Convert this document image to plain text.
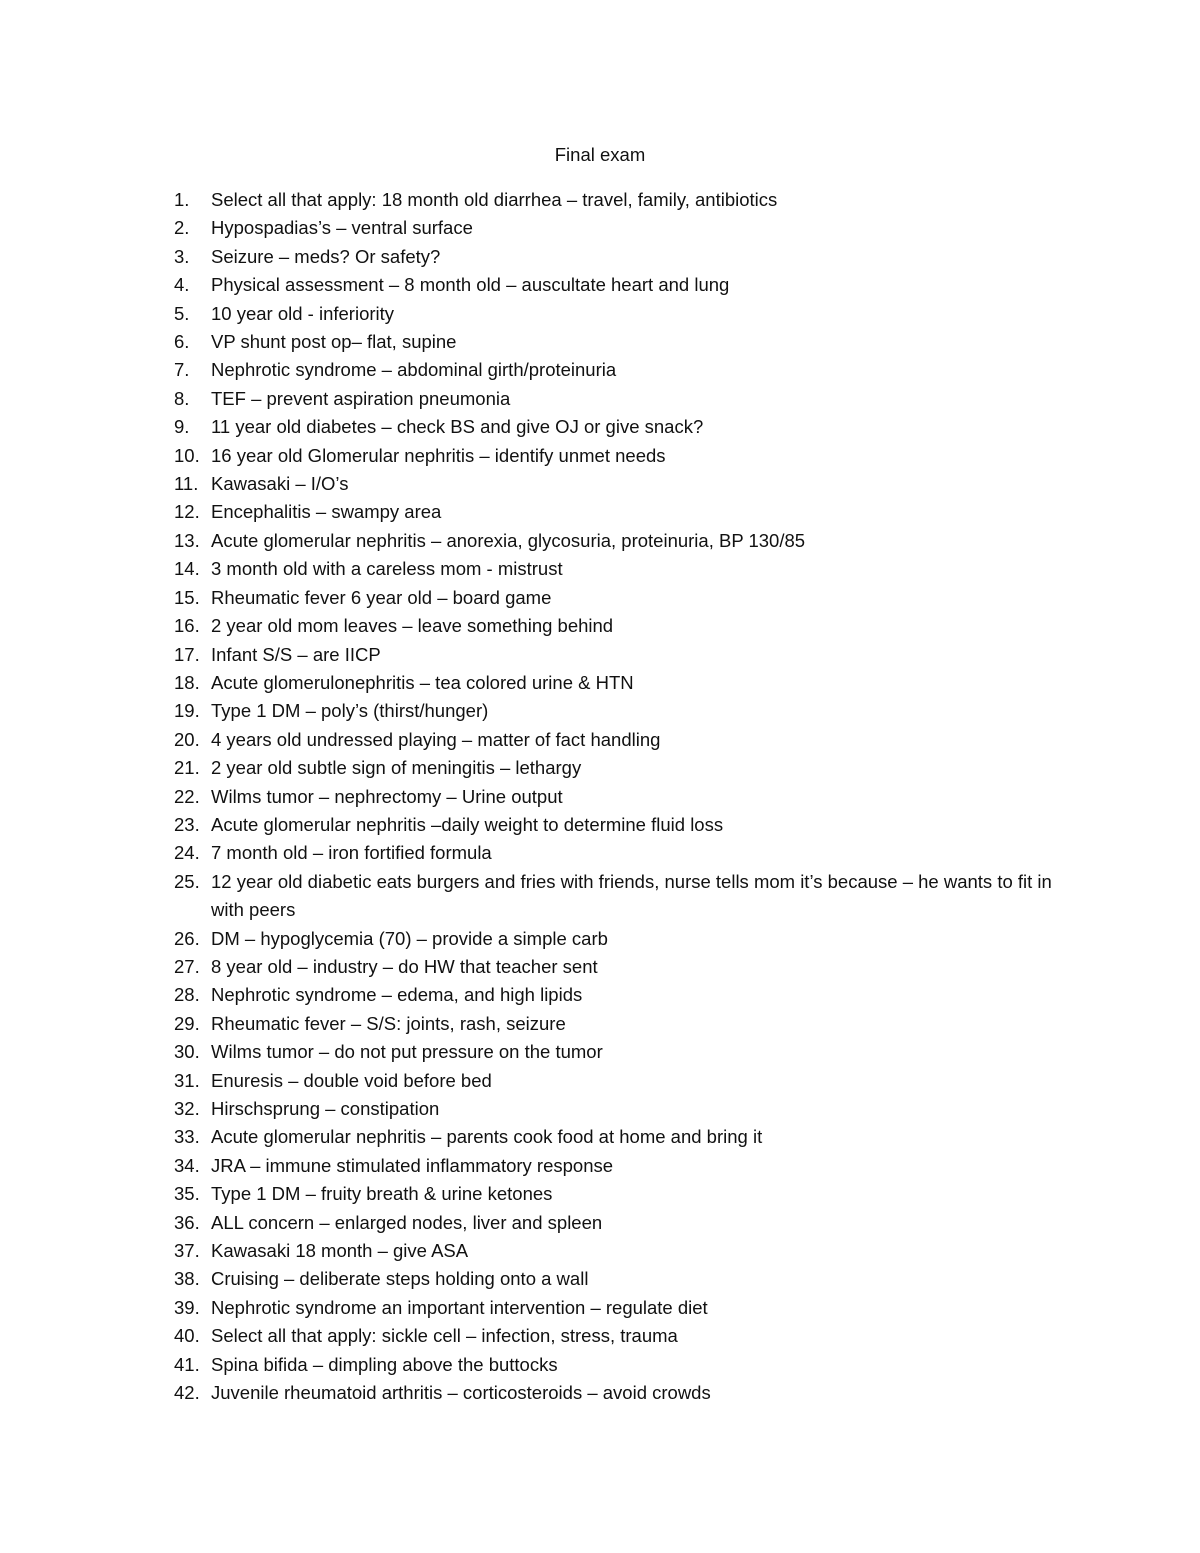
Final exam
1.	Select all that apply: 18 month old diarrhea – travel, family, antibiotics
2.	Hypospadias’s – ventral surface
3.	Seizure – meds? Or safety?
4.	Physical assessment – 8 month old – auscultate heart and lung
5.	10 year old - inferiority
6.	VP shunt post op– flat, supine
7.	Nephrotic syndrome – abdominal girth/proteinuria
8.	TEF – prevent aspiration pneumonia
9.	11 year old diabetes – check BS and give OJ or give snack?
10. 16 year old Glomerular nephritis – identify unmet needs
11. Kawasaki – I/O’s
12. Encephalitis – swampy area
13. Acute glomerular nephritis – anorexia, glycosuria, proteinuria, BP 130/85
14. 3 month old with a careless mom - mistrust
15. Rheumatic fever 6 year old – board game
16. 2 year old mom leaves – leave something behind
17. Infant S/S – are IICP
18. Acute glomerulonephritis – tea colored urine & HTN
19. Type 1 DM – poly’s (thirst/hunger)
20. 4 years old undressed playing – matter of fact handling
21. 2 year old subtle sign of meningitis – lethargy
22. Wilms tumor – nephrectomy – Urine output
23. Acute glomerular nephritis –daily weight to determine fluid loss
24. 7 month old – iron fortified formula
25. 12 year old diabetic eats burgers and fries with friends, nurse tells mom it’s because – he wants to fit in with peers
26. DM – hypoglycemia (70) – provide a simple carb
27. 8 year old – industry – do HW that teacher sent
28. Nephrotic syndrome – edema, and high lipids
29. Rheumatic fever – S/S: joints, rash, seizure
30. Wilms tumor – do not put pressure on the tumor
31. Enuresis – double void before bed
32. Hirschsprung – constipation
33. Acute glomerular nephritis – parents cook food at home and bring it
34. JRA – immune stimulated inflammatory response
35. Type 1 DM – fruity breath & urine ketones
36. ALL concern – enlarged nodes, liver and spleen
37. Kawasaki 18 month – give ASA
38. Cruising – deliberate steps holding onto a wall
39. Nephrotic syndrome an important intervention – regulate diet
40. Select all that apply: sickle cell – infection, stress, trauma
41. Spina bifida – dimpling above the buttocks
42. Juvenile rheumatoid arthritis – corticosteroids – avoid crowds
